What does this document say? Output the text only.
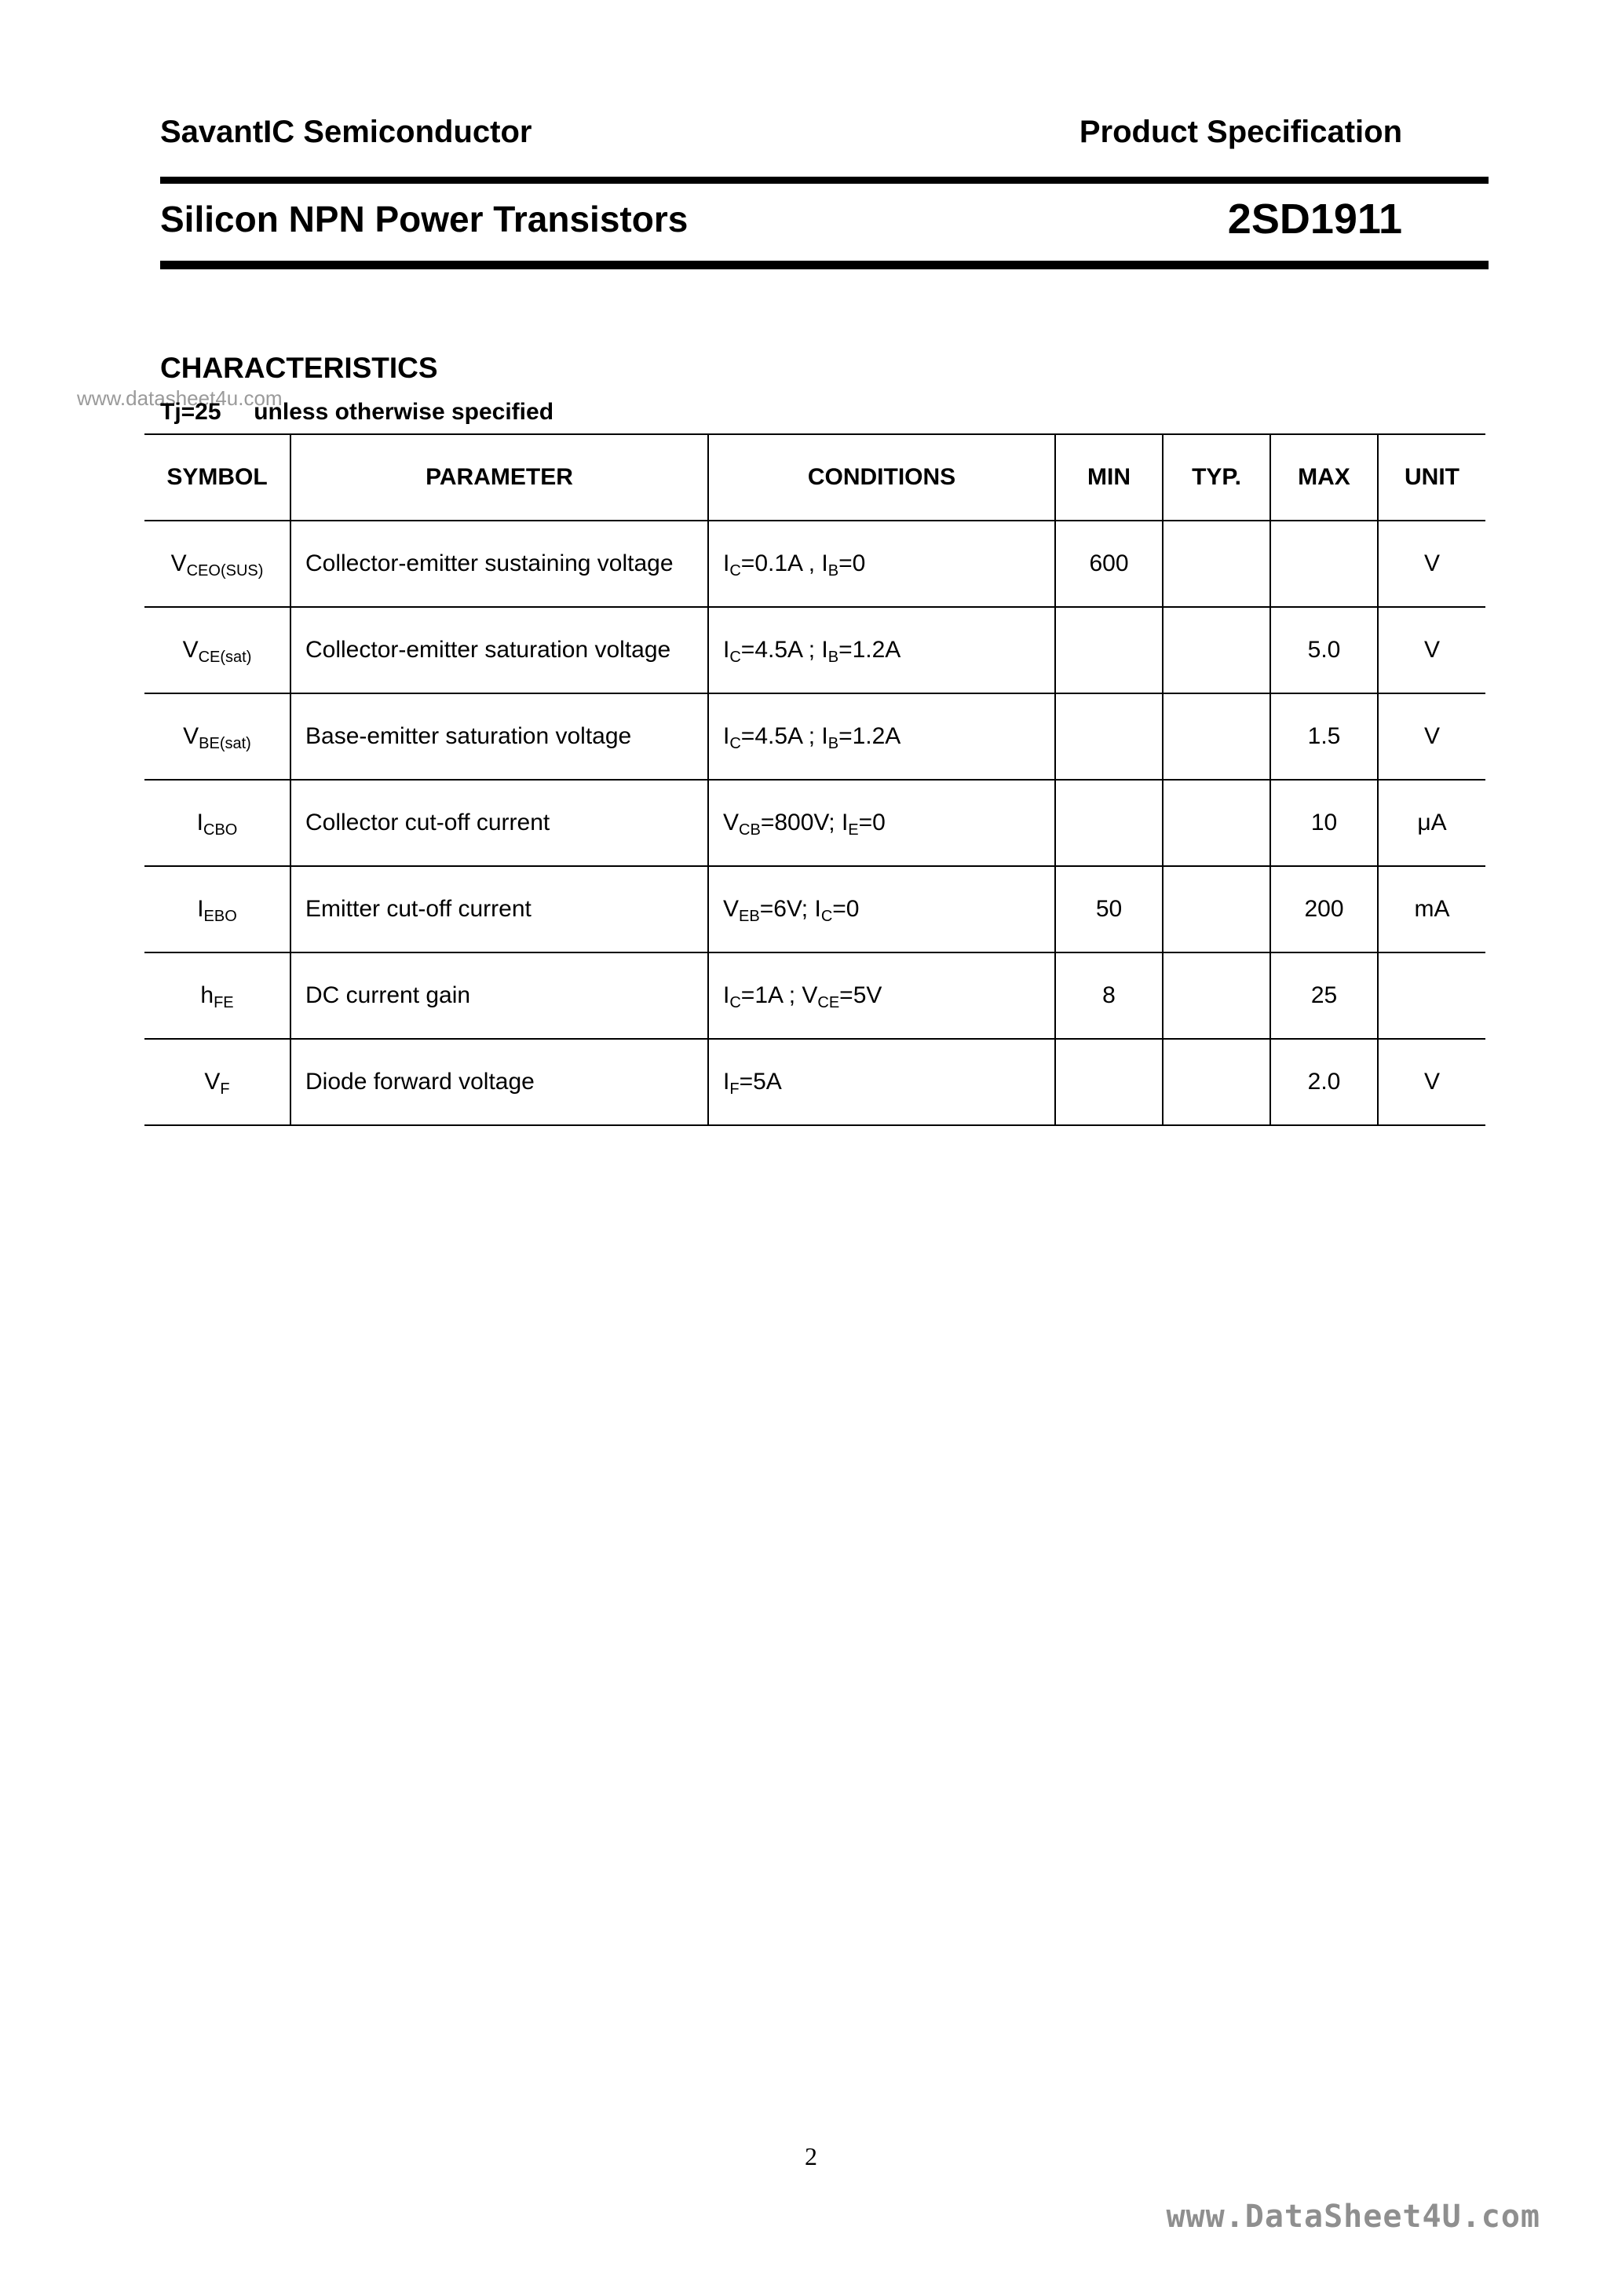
SavantIC Semiconductor	Product Specification
Silicon NPN Power Transistors	2SD1911
CHARACTERISTICS
www.datasheet4u.com
Tj=25     unless otherwise specified
SYMBOL	PARAMETER	CONDITIONS	MIN	TYP.	MAX	UNIT
$V_{CEO(SUS)}$	Collector-emitter sustaining voltage	$I_C=0.1A$ , $I_B=0$	600			V
$V_{CE(sat)}$	Collector-emitter saturation voltage	$I_C=4.5A$ ; $I_B=1.2A$			5.0	V
$V_{BE(sat)}$	Base-emitter saturation voltage	$I_C=4.5A$ ; $I_B=1.2A$			1.5	V
$I_{CBO}$	Collector cut-off current	$V_{CB}=800V$; $I_E=0$			10	μA
$I_{EBO}$	Emitter cut-off current	$V_{EB}=6V$; $I_C=0$	50		200	mA
$h_{FE}$	DC current gain	$I_C=1A$ ; $V_{CE}=5V$	8		25	
$V_F$	Diode forward voltage	$I_F=5A$			2.0	V
2
www.DataSheet4U.com
